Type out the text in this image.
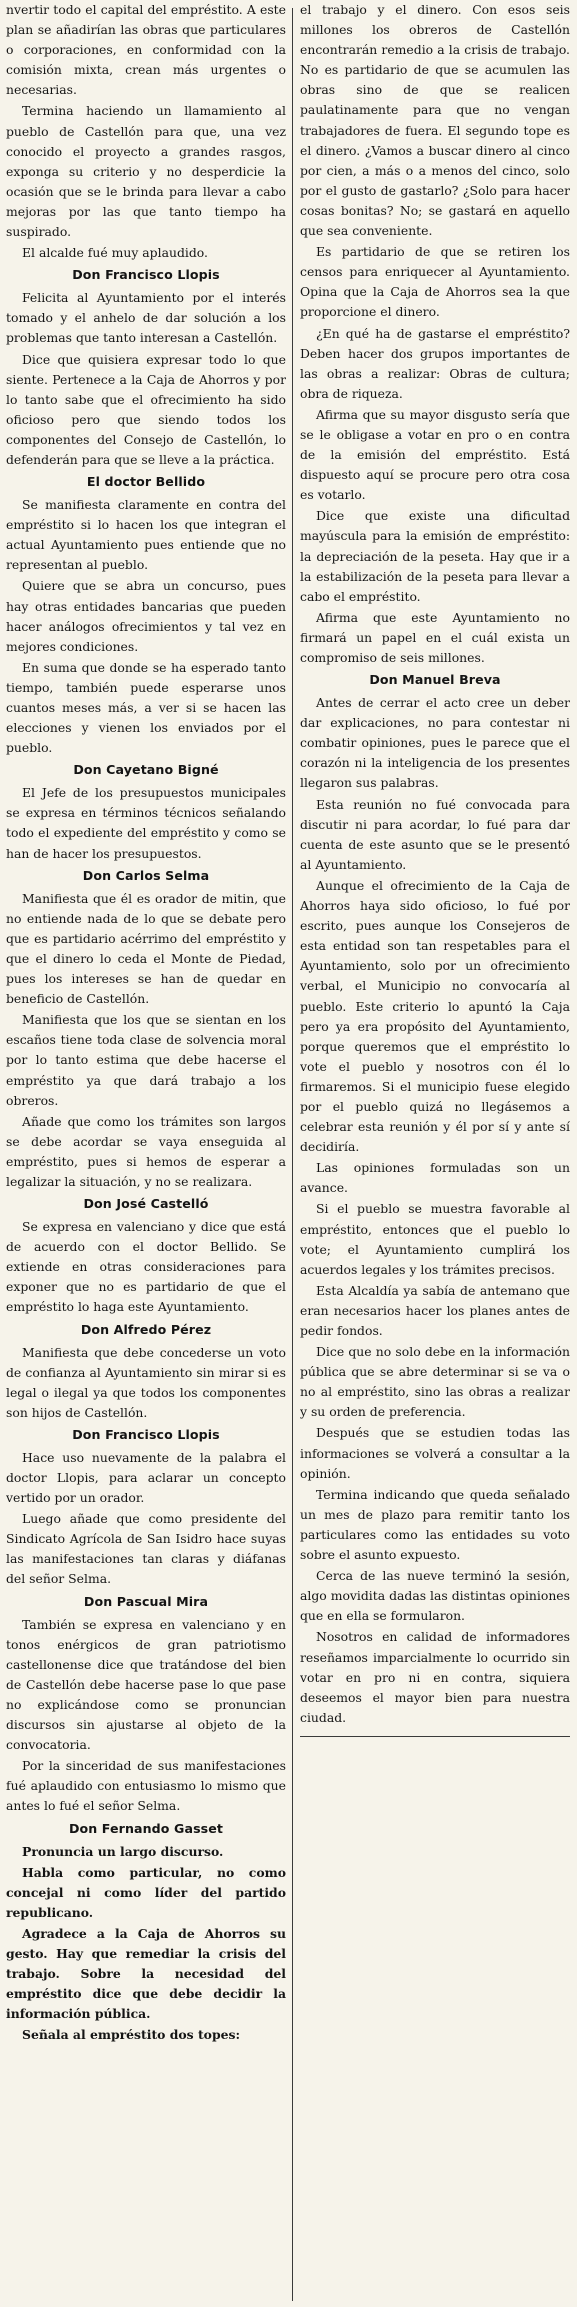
nvertir todo el capital del empréstito. A este plan se añadirían las obras que particulares o corporaciones, en conformidad con la comisión mixta, crean más urgentes o necesarias.

Termina haciendo un llamamiento al pueblo de Castellón para que, una vez conocido el proyecto a grandes rasgos, exponga su criterio y no desperdicie la ocasión que se le brinda para llevar a cabo mejoras por las que tanto tiempo ha suspirado.

El alcalde fué muy aplaudido.

Don Francisco Llopis

Felicita al Ayuntamiento por el interés tomado y el anhelo de dar solución a los problemas que tanto interesan a Castellón.

Dice que quisiera expresar todo lo que siente. Pertenece a la Caja de Ahorros y por lo tanto sabe que el ofrecimiento ha sido oficioso pero que siendo todos los componentes del Consejo de Castellón, lo defenderán para que se lleve a la práctica.

El doctor Bellido

Se manifiesta claramente en contra del empréstito si lo hacen los que integran el actual Ayuntamiento pues entiende que no representan al pueblo.

Quiere que se abra un concurso, pues hay otras entidades bancarias que pueden hacer análogos ofrecimientos y tal vez en mejores condiciones.

En suma que donde se ha esperado tanto tiempo, también puede esperarse unos cuantos meses más, a ver si se hacen las elecciones y vienen los enviados por el pueblo.

Don Cayetano Bigné

El Jefe de los presupuestos municipales se expresa en términos técnicos señalando todo el expediente del empréstito y como se han de hacer los presupuestos.

Don Carlos Selma

Manifiesta que él es orador de mitin, que no entiende nada de lo que se debate pero que es partidario acérrimo del empréstito y que el dinero lo ceda el Monte de Piedad, pues los intereses se han de quedar en beneficio de Castellón.

Manifiesta que los que se sientan en los escaños tiene toda clase de solvencia moral por lo tanto estima que debe hacerse el empréstito ya que dará trabajo a los obreros.

Añade que como los trámites son largos se debe acordar se vaya enseguida al empréstito, pues si hemos de esperar a legalizar la situación, y no se realizara.

Don José Castelló

Se expresa en valenciano y dice que está de acuerdo con el doctor Bellido. Se extiende en otras consideraciones para exponer que no es partidario de que el empréstito lo haga este Ayuntamiento.

Don Alfredo Pérez

Manifiesta que debe concederse un voto de confianza al Ayuntamiento sin mirar si es legal o ilegal ya que todos los componentes son hijos de Castellón.

Don Francisco Llopis

Hace uso nuevamente de la palabra el doctor Llopis, para aclarar un concepto vertido por un orador.

Luego añade que como presidente del Sindicato Agrícola de San Isidro hace suyas las manifestaciones tan claras y diáfanas del señor Selma.

Don Pascual Mira

También se expresa en valenciano y en tonos enérgicos de gran patriotismo castellonense dice que tratándose del bien de Castellón debe hacerse pase lo que pase no explicándose como se pronuncian discursos sin ajustarse al objeto de la convocatoria.

Por la sinceridad de sus manifestaciones fué aplaudido con entusiasmo lo mismo que antes lo fué el señor Selma.

Don Fernando Gasset

Pronuncia un largo discurso.

Habla como particular, no como concejal ni como líder del partido republicano.

Agradece a la Caja de Ahorros su gesto. Hay que remediar la crisis del trabajo. Sobre la necesidad del empréstito dice que debe decidir la información pública.

Señala al empréstito dos topes:

el trabajo y el dinero. Con esos seis millones los obreros de Castellón encontrarán remedio a la crisis de trabajo. No es partidario de que se acumulen las obras sino de que se realicen paulatinamente para que no vengan trabajadores de fuera. El segundo tope es el dinero. ¿Vamos a buscar dinero al cinco por cien, a más o a menos del cinco, solo por el gusto de gastarlo? ¿Solo para hacer cosas bonitas? No; se gastará en aquello que sea conveniente.

Es partidario de que se retiren los censos para enriquecer al Ayuntamiento. Opina que la Caja de Ahorros sea la que proporcione el dinero.

¿En qué ha de gastarse el empréstito? Deben hacer dos grupos importantes de las obras a realizar: Obras de cultura; obra de riqueza.

Afirma que su mayor disgusto sería que se le obligase a votar en pro o en contra de la emisión del empréstito. Está dispuesto aquí se procure pero otra cosa es votarlo.

Dice que existe una dificultad mayúscula para la emisión de empréstito: la depreciación de la peseta. Hay que ir a la estabilización de la peseta para llevar a cabo el empréstito.

Afirma que este Ayuntamiento no firmará un papel en el cuál exista un compromiso de seis millones.

Don Manuel Breva

Antes de cerrar el acto cree un deber dar explicaciones, no para contestar ni combatir opiniones, pues le parece que el corazón ni la inteligencia de los presentes llegaron sus palabras.

Esta reunión no fué convocada para discutir ni para acordar, lo fué para dar cuenta de este asunto que se le presentó al Ayuntamiento.

Aunque el ofrecimiento de la Caja de Ahorros haya sido oficioso, lo fué por escrito, pues aunque los Consejeros de esta entidad son tan respetables para el Ayuntamiento, solo por un ofrecimiento verbal, el Municipio no convocaría al pueblo. Este criterio lo apuntó la Caja pero ya era propósito del Ayuntamiento, porque queremos que el empréstito lo vote el pueblo y nosotros con él lo firmaremos. Si el municipio fuese elegido por el pueblo quizá no llegásemos a celebrar esta reunión y él por sí y ante sí decidiría.

Las opiniones formuladas son un avance.

Si el pueblo se muestra favorable al empréstito, entonces que el pueblo lo vote; el Ayuntamiento cumplirá los acuerdos legales y los trámites precisos.

Esta Alcaldía ya sabía de antemano que eran necesarios hacer los planes antes de pedir fondos.

Dice que no solo debe en la información pública que se abre determinar si se va o no al empréstito, sino las obras a realizar y su orden de preferencia.

Después que se estudien todas las informaciones se volverá a consultar a la opinión.

Termina indicando que queda señalado un mes de plazo para remitir tanto los particulares como las entidades su voto sobre el asunto expuesto.

Cerca de las nueve terminó la sesión, algo movidita dadas las distintas opiniones que en ella se formularon.

Nosotros en calidad de informadores reseñamos imparcialmente lo ocurrido sin votar en pro ni en contra, siquiera deseemos el mayor bien para nuestra ciudad.
